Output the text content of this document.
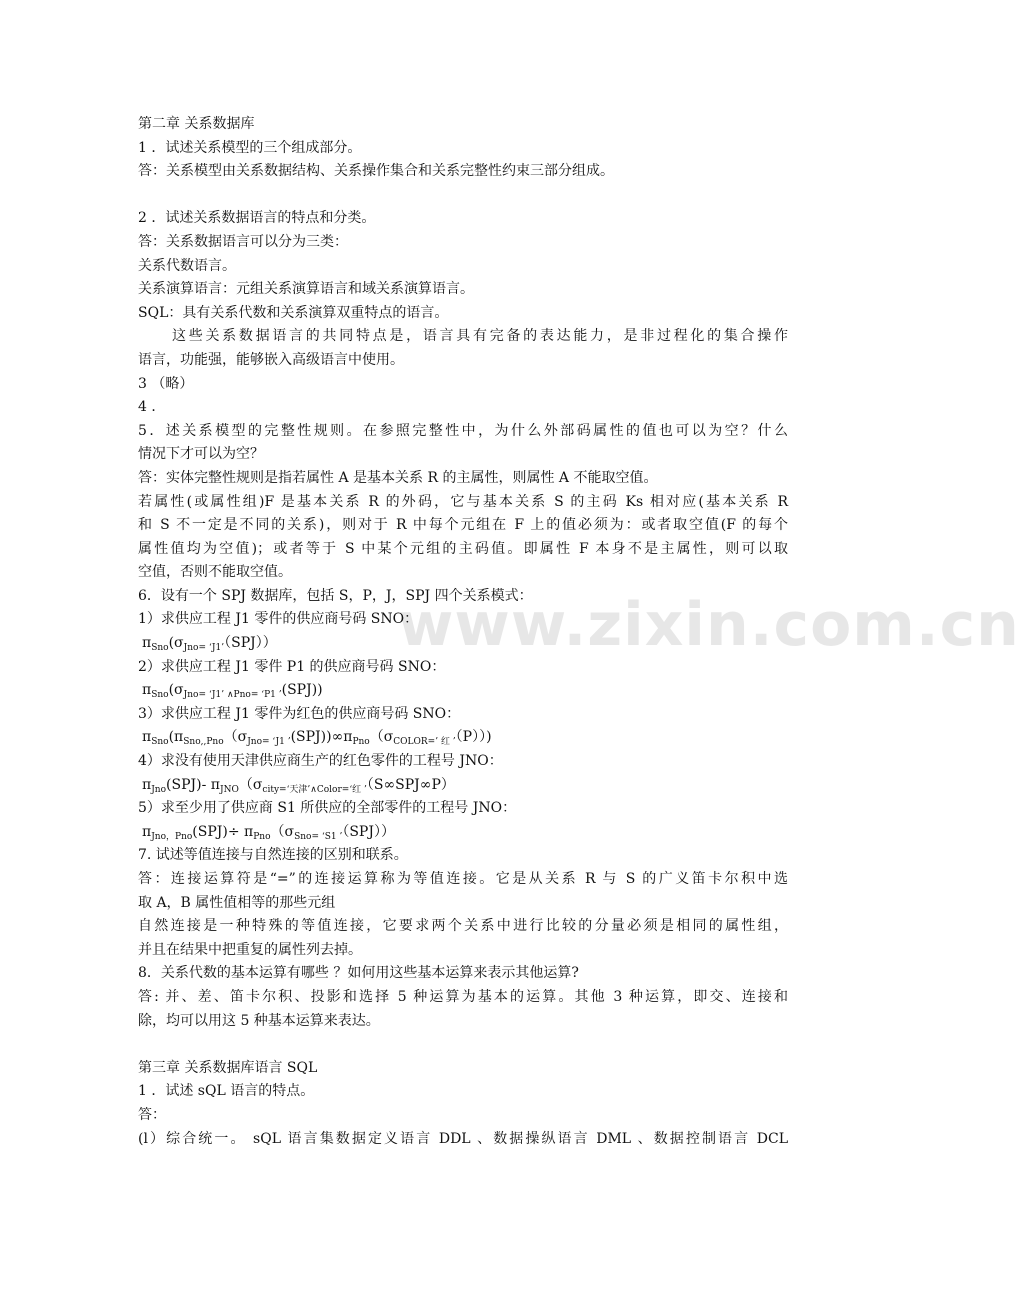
www.zixin.com.cn
第二章 关系数据库
1 ．试述关系模型的三个组成部分。
答：关系模型由关系数据结构、关系操作集合和关系完整性约束三部分组成。
2 ．试述关系数据语言的特点和分类。
答：关系数据语言可以分为三类：
关系代数语言。
关系演算语言：元组关系演算语言和域关系演算语言。
SQL：具有关系代数和关系演算双重特点的语言。
这些关系数据语言的共同特点是，语言具有完备的表达能力，是非过程化的集合操作
语言，功能强，能够嵌入高级语言中使用。
3 （略）
4 ．
5．述关系模型的完整性规则。在参照完整性中，为什么外部码属性的值也可以为空？什么
情况下才可以为空？
答：实体完整性规则是指若属性 A 是基本关系 R 的主属性，则属性 A 不能取空值。
若属性(或属性组)F 是基本关系 R 的外码，它与基本关系 S 的主码 Ks 相对应(基本关系 R
和 S 不一定是不同的关系)，则对于 R 中每个元组在 F 上的值必须为：或者取空值(F 的每个
属性值均为空值)；或者等于 S 中某个元组的主码值。即属性 F 本身不是主属性，则可以取
空值，否则不能取空值。
6．设有一个 SPJ 数据库，包括 S，P，J，SPJ 四个关系模式：
1）求供应工程 J1 零件的供应商号码 SNO：
$\pi_{Sno}(\sigma_{Jno= ‘J1’}(SPJ))$
2）求供应工程 J1 零件 P1 的供应商号码 SNO：
$\pi_{Sno}(\sigma_{Jno= ‘J1’ \wedge Pno= ‘P1 ’}(SPJ))$
3）求供应工程 J1 零件为红色的供应商号码 SNO：
$\pi_{Sno}(\pi_{Sno,,Pno}(\sigma_{Jno= ‘J1 ’}(SPJ))\infty\pi_{Pno}(\sigma_{COLOR=’ 红 ’}(P)))$
4）求没有使用天津供应商生产的红色零件的工程号 JNO：
$\pi_{Jno}(SPJ)-$ $\pi_{JNO}(\sigma_{city=‘天津’\wedge Color=‘红 ’}(S\infty SPJ\infty P)$
5）求至少用了供应商 S1 所供应的全部零件的工程号 JNO：
$\pi_{Jno,Pno}(SPJ)\div \pi_{Pno}(\sigma_{Sno= ‘S1 ’}(SPJ))$
7. 试述等值连接与自然连接的区别和联系。
答：连接运算符是“=”的连接运算称为等值连接。它是从关系 R 与 S 的广义笛卡尔积中选
取 A，B 属性值相等的那些元组
自然连接是一种特殊的等值连接，它要求两个关系中进行比较的分量必须是相同的属性组，
并且在结果中把重复的属性列去掉。
8．关系代数的基本运算有哪些 ？如何用这些基本运算来表示其他运算?
答: 并、差、笛卡尔积、投影和选择 5 种运算为基本的运算。其他 3 种运算，即交、连接和
除，均可以用这 5 种基本运算来表达。
第三章 关系数据库语言 SQL
1 ．试述 sQL 语言的特点。
答：
(l）综合统一。 sQL 语言集数据定义语言 DDL 、数据操纵语言 DML 、数据控制语言 DCL
